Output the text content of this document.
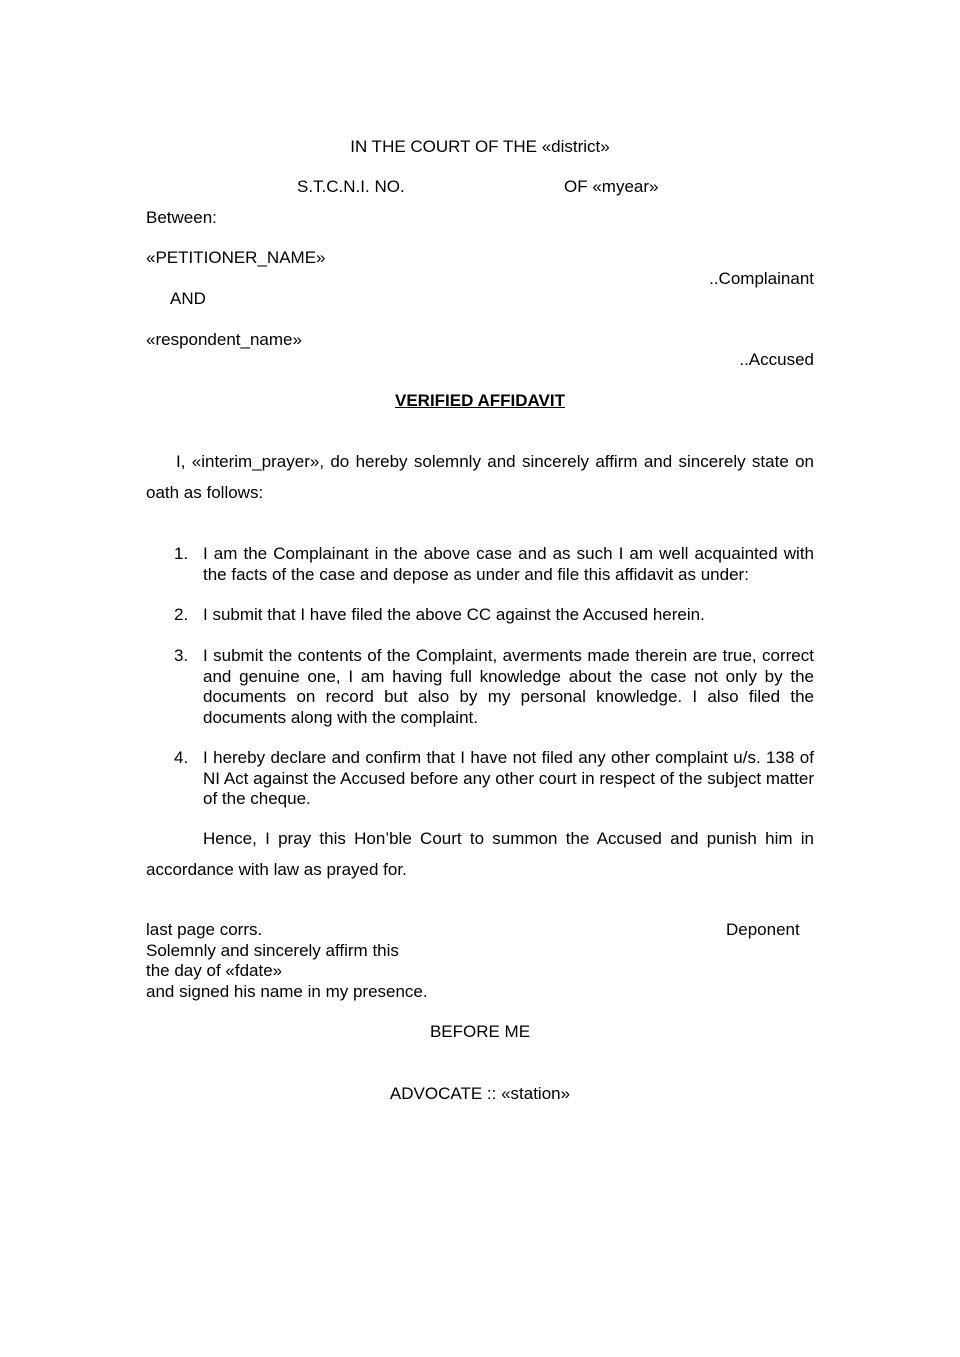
IN THE COURT OF THE «district»
S.T.C.N.I. NO.	OF «myear»
Between:
«PETITIONER_NAME»
..Complainant
AND
«respondent_name»
..Accused
VERIFIED AFFIDAVIT
I, «interim_prayer», do hereby solemnly and sincerely affirm and sincerely state on oath as follows:
1. I am the Complainant in the above case and as such I am well acquainted with the facts of the case and depose as under and file this affidavit as under:
2. I submit that I have filed the above CC against the Accused herein.
3. I submit the contents of the Complaint, averments made therein are true, correct and genuine one, I am having full knowledge about the case not only by the documents on record but also by my personal knowledge. I also filed the documents along with the complaint.
4. I hereby declare and confirm that I have not filed any other complaint u/s. 138 of NI Act against the Accused before any other court in respect of the subject matter of the cheque.
Hence, I pray this Hon’ble Court to summon the Accused and punish him in accordance with law as prayed for.
last page corrs.
Solemnly and sincerely affirm this
the day of «fdate»
and signed his name in my presence.
Deponent
BEFORE ME
ADVOCATE :: «station»
